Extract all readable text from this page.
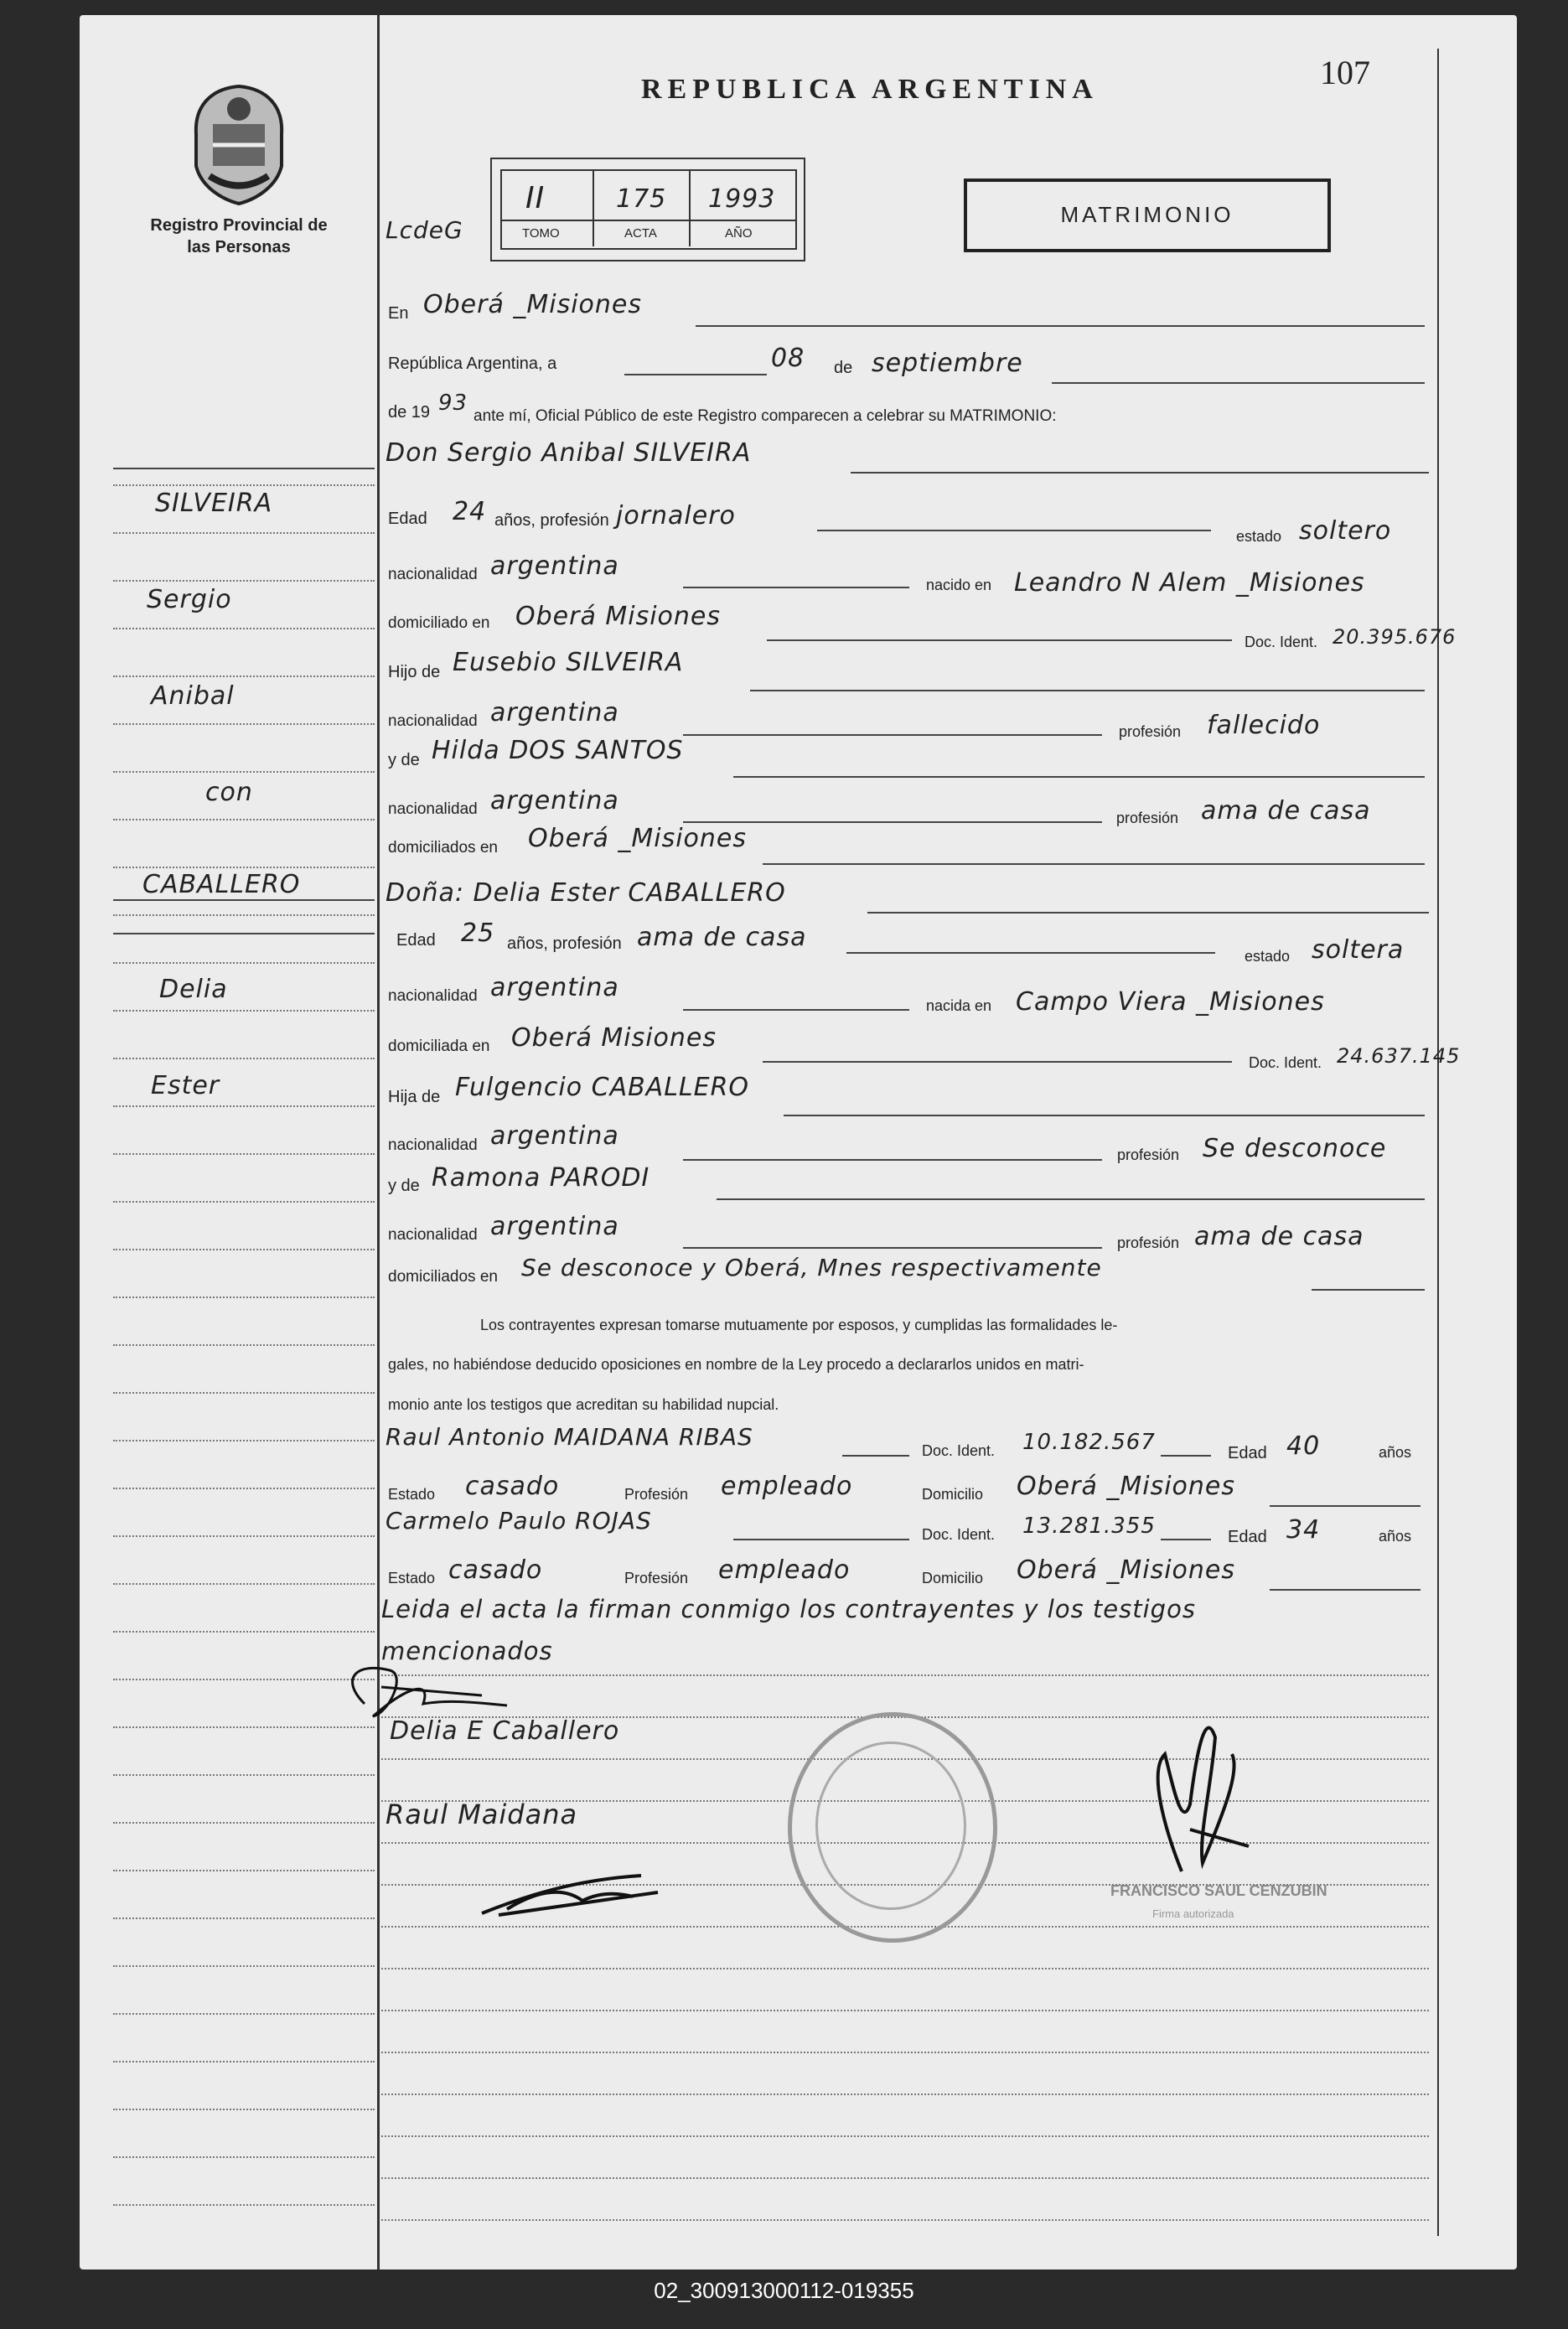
Registro Provincial de las Personas
REPUBLICA ARGENTINA	107
II	175 1993
TOMO	ACTA	AÑO
LcdeG
MATRIMONIO
SILVEIRA
Sergio
Anibal
con
CABALLERO
Delia
Ester
En Oberá _Misiones
República Argentina, a	08 de septiembre
de 19 93
ante mí, Oficial Público de este Registro comparecen a celebrar su MATRIMONIO:
Don Sergio Anibal SILVEIRA
Edad 24 años, profesión jornalero
estado soltero
nacionalidad argentina
nacido en Leandro N Alem _Misiones
domiciliado en Oberá Misiones
Doc. Ident. 20.395.676
Hijo de Eusebio SILVEIRA
nacionalidad argentina
profesión fallecido
y de Hilda DOS SANTOS
nacionalidad argentina
profesión ama de casa
domiciliados en Oberá _Misiones
Doña: Delia Ester CABALLERO
Edad 25 años, profesión ama de casa
estado soltera
nacionalidad argentina
nacida en Campo Viera _Misiones
domiciliada en Oberá Misiones
Doc. Ident. 24.637.145
Hija de Fulgencio CABALLERO
nacionalidad argentina
profesión Se desconoce
y de Ramona PARODI
nacionalidad argentina
profesión ama de casa
domiciliados en Se desconoce y Oberá, Mnes respectivamente
Los contrayentes expresan tomarse mutuamente por esposos, y cumplidas las formalidades le-
gales, no habiéndose deducido oposiciones en nombre de la Ley procedo a declararlos unidos en matri-
monio ante los testigos que acreditan su habilidad nupcial.
Raul Antonio MAIDANA RIBAS	Doc. Ident. 10.182.567	Edad 40	años
Estado casado	Profesión empleado	Domicilio Oberá _Misiones
Carmelo Paulo ROJAS	Doc. Ident. 13.281.355	Edad 34	años
Estado casado	Profesión empleado	Domicilio Oberá _Misiones
Leida el acta la firman conmigo los contrayentes y los testigos
mencionados
Delia E Caballero
Raul Maidana
FRANCISCO SAUL CENZUBIN
Firma autorizada
02_300913000112-019355
